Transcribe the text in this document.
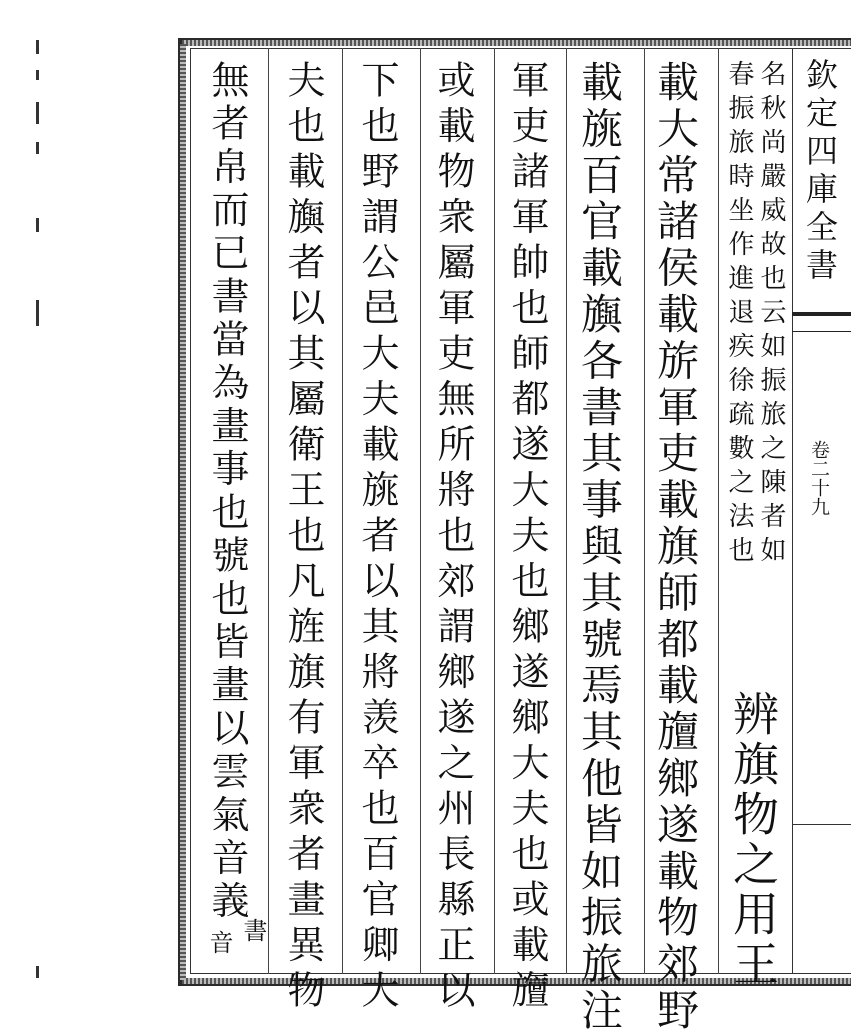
欽定四庫全書
卷二十九
名秋尚嚴威故也云如振旅之陳者如
春振旅時坐作進退疾徐疏數之法也
辨旗物之用王
載大常諸侯載旂軍吏載旗師都載旜鄉遂載物郊野
載旐百官載旟各書其事與其號焉其他皆如振旅注
軍吏諸軍帥也師都遂大夫也鄉遂鄉大夫也或載旜
或載物衆屬軍吏無所將也郊謂鄉遂之州長縣正以
下也野謂公邑大夫載旐者以其將羡卒也百官卿大
夫也載旟者以其屬衛王也凡旌旗有軍衆者畫異物
無者帛而已書當為畫事也號也皆畫以雲氣音義
書
音
